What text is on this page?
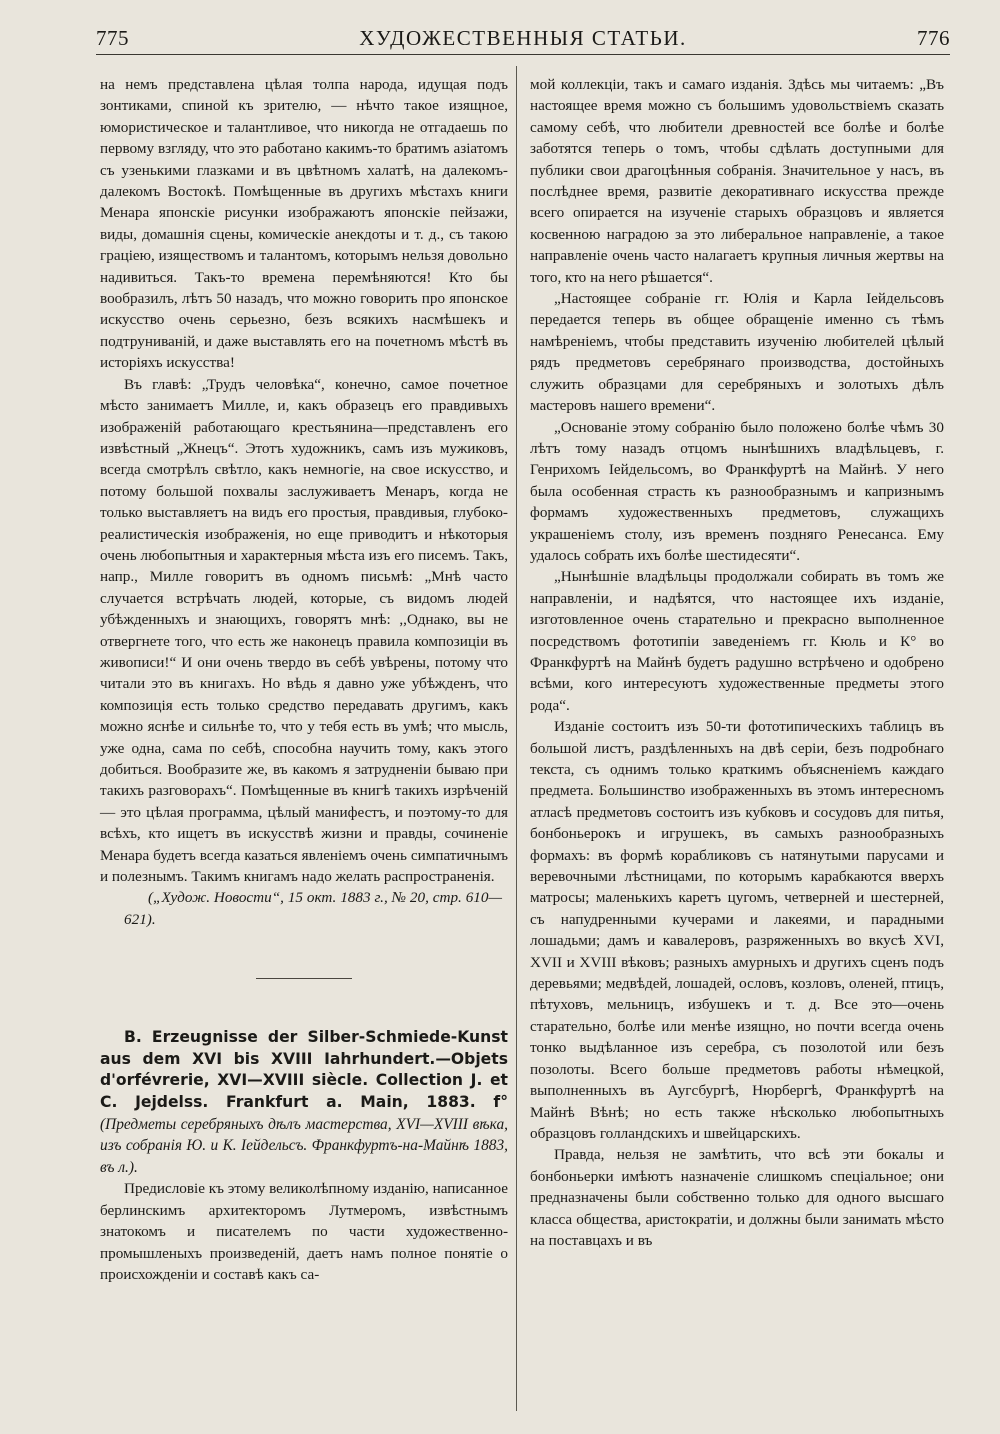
775	ХУДОЖЕСТВЕННЫЯ СТАТЬИ.	776

на немъ представлена цѣлая толпа народа, идущая подъ зонтиками, спиной къ зрителю, — нѣчто такое изящное, юмористическое и талантливое, что никогда не отгадаешь по первому взгляду, что это работано какимъ-то братимъ азіатомъ съ узенькими глазками и въ цвѣтномъ халатѣ, на далекомъ-далекомъ Востокѣ. Помѣщенные въ другихъ мѣстахъ книги Менара японскіе рисунки изображаютъ японскіе пейзажи, виды, домашнія сцены, комическіе анекдоты и т. д., съ такою граціею, изяществомъ и талантомъ, которымъ нельзя довольно надивиться. Такъ-то времена перемѣняются! Кто бы вообразилъ, лѣтъ 50 назадъ, что можно говорить про японское искусство очень серьезно, безъ всякихъ насмѣшекъ и подтруниваній, и даже выставлять его на почетномъ мѣстѣ въ исторіяхъ искусства!

Въ главѣ: „Трудъ человѣка“, конечно, самое почетное мѣсто занимаетъ Милле, и, какъ образецъ его правдивыхъ изображеній работающаго крестьянина—представленъ его извѣстный „Жнецъ“. Этотъ художникъ, самъ изъ мужиковъ, всегда смотрѣлъ свѣтло, какъ немногіе, на свое искусство, и потому большой похвалы заслуживаетъ Менаръ, когда не только выставляетъ на видъ его простыя, правдивыя, глубоко-реалистическія изображенія, но еще приводитъ и нѣкоторыя очень любопытныя и характерныя мѣста изъ его писемъ. Такъ, напр., Милле говоритъ въ одномъ письмѣ: „Мнѣ часто случается встрѣчать людей, которые, съ видомъ людей убѣжденныхъ и знающихъ, говорятъ мнѣ: ,,Однако, вы не отвергнете того, что есть же наконецъ правила композиціи въ живописи!“ И они очень твердо въ себѣ увѣрены, потому что читали это въ книгахъ. Но вѣдь я давно уже убѣжденъ, что композиція есть только средство передавать другимъ, какъ можно яснѣе и сильнѣе то, что у тебя есть въ умѣ; что мысль, уже одна, сама по себѣ, способна научить тому, какъ этого добиться. Вообразите же, въ какомъ я затрудненіи бываю при такихъ разговорахъ“. Помѣщенные въ книгѣ такихъ изрѣченій — это цѣлая программа, цѣлый манифестъ, и поэтому-то для всѣхъ, кто ищетъ въ искусствѣ жизни и правды, сочиненіе Менара будетъ всегда казаться явленіемъ очень симпатичнымъ и полезнымъ. Такимъ книгамъ надо желать распространенія.

(„Худож. Новости“, 15 окт. 1883 г., № 20, стр. 610—621).

В. Erzeugnisse der Silber-Schmiede-Kunst aus dem XVI bis XVIII Iahrhundert.—Objets d'orfévrerie, XVI—XVIII siècle. Collection J. et C. Jejdelss. Frankfurt a. Main, 1883. f° (Предметы серебряныхъ дѣлъ мастерства, XVI—XVIII вѣка, изъ собранія Ю. и К. Іейдельсъ. Франкфуртъ-на-Майнѣ 1883, въ л.).

Предисловіе къ этому великолѣпному изданію, написанное берлинскимъ архитекторомъ Лутмеромъ, извѣстнымъ знатокомъ и писателемъ по части художественно-промышленыхъ произведеній, даетъ намъ полное понятіе о происхожденіи и составѣ какъ са-

мой коллекціи, такъ и самаго изданія. Здѣсь мы читаемъ: „Въ настоящее время можно съ большимъ удовольствіемъ сказать самому себѣ, что любители древностей все болѣе и болѣе заботятся теперь о томъ, чтобы сдѣлать доступными для публики свои драгоцѣнныя собранія. Значительное у насъ, въ послѣднее время, развитіе декоративнаго искусства прежде всего опирается на изученіе старыхъ образцовъ и является косвенною наградою за это либеральное направленіе, а такое направленіе очень часто налагаетъ крупныя личныя жертвы на того, кто на него рѣшается“.

„Настоящее собраніе гг. Юлія и Карла Іейдельсовъ передается теперь въ общее обращеніе именно съ тѣмъ намѣреніемъ, чтобы представить изученію любителей цѣлый рядъ предметовъ серебрянаго производства, достойныхъ служить образцами для серебряныхъ и золотыхъ дѣлъ мастеровъ нашего времени“.

„Основаніе этому собранію было положено болѣе чѣмъ 30 лѣтъ тому назадъ отцомъ нынѣшнихъ владѣльцевъ, г. Генрихомъ Іейдельсомъ, во Франкфуртѣ на Майнѣ. У него была особенная страсть къ разнообразнымъ и капризнымъ формамъ художественныхъ предметовъ, служащихъ украшеніемъ столу, изъ временъ поздняго Ренесанса. Ему удалось собрать ихъ болѣе шестидесяти“.

„Нынѣшніе владѣльцы продолжали собирать въ томъ же направленіи, и надѣятся, что настоящее ихъ изданіе, изготовленное очень старательно и прекрасно выполненное посредствомъ фототипіи заведеніемъ гг. Кюль и К° во Франкфуртѣ на Майнѣ будетъ радушно встрѣчено и одобрено всѣми, кого интересуютъ художественные предметы этого рода“.

Изданіе состоитъ изъ 50-ти фототипическихъ таблицъ въ большой листъ, раздѣленныхъ на двѣ серіи, безъ подробнаго текста, съ однимъ только краткимъ объясненіемъ каждаго предмета. Большинство изображенныхъ въ этомъ интересномъ атласѣ предметовъ состоитъ изъ кубковъ и сосудовъ для питья, бонбоньерокъ и игрушекъ, въ самыхъ разнообразныхъ формахъ: въ формѣ корабликовъ съ натянутыми парусами и веревочными лѣстницами, по которымъ карабкаются вверхъ матросы; маленькихъ каретъ цугомъ, четверней и шестерней, съ напудренными кучерами и лакеями, и парадными лошадьми; дамъ и кавалеровъ, разряженныхъ во вкусѣ XVI, XVII и XVIII вѣковъ; разныхъ амурныхъ и другихъ сценъ подъ деревьями; медвѣдей, лошадей, ословъ, козловъ, оленей, птицъ, пѣтуховъ, мельницъ, избушекъ и т. д. Все это—очень старательно, болѣе или менѣе изящно, но почти всегда очень тонко выдѣланное изъ серебра, съ позолотой или безъ позолоты. Всего больше предметовъ работы нѣмецкой, выполненныхъ въ Аугсбургѣ, Нюрбергѣ, Франкфуртѣ на Майнѣ Вѣнѣ; но есть также нѣсколько любопытныхъ образцовъ голландскихъ и швейцарскихъ.

Правда, нельзя не замѣтить, что всѣ эти бокалы и бонбоньерки имѣютъ назначеніе слишкомъ спеціальное; они предназначены были собственно только для одного высшаго класса общества, аристократіи, и должны были занимать мѣсто на поставцахъ и въ
